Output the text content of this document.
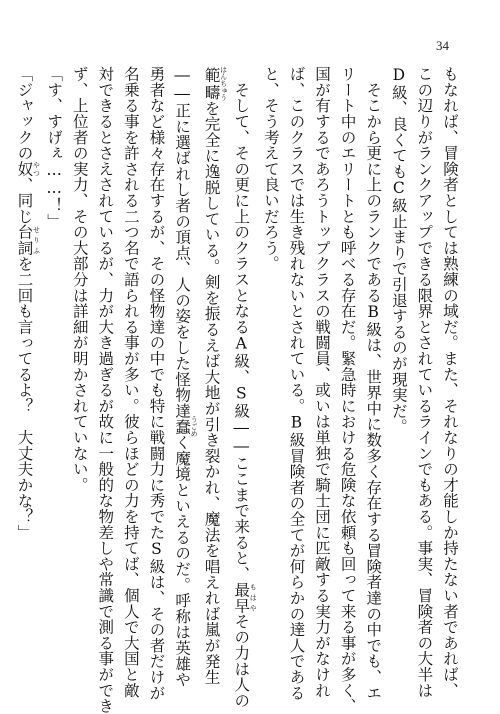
34
もなれば、冒険者としては熟練の域だ。また、それなりの才能しか持たない者であれば、
この辺りがランクアップできる限界とされているラインでもある。事実、冒険者の大半は
D級、良くてもC級止まりで引退するのが現実だ。
　そこから更に上のランクであるB級は、世界中に数多く存在する冒険者達の中でも、エ
リート中のエリートとも呼べる存在だ。緊急時における危険な依頼も回って来る事が多く、
国が有するであろうトップクラスの戦闘員、或いは単独で騎士団に匹敵する実力がなけれ
ば、このクラスでは生き残れないとされている。B級冒険者の全てが何らかの達人である
と、そう考えて良いだろう。
　そして、その更に上のクラスとなるA級、S級――ここまで来ると、最早 もはやその力は人の
範疇 はんちゅうを完全に逸脱している。剣を振るえば大地が引き裂かれ、魔法を唱えれば嵐が発生
――正に選ばれし者の頂点、人の姿をした怪物達蠢 うごめく魔境といえるのだ。呼称は英雄や
勇者など様々存在するが、その怪物達の中でも特に戦闘力に秀でたS級は、その者だけが
名乗る事を許される二つ名で語られる事が多い。彼らほどの力を持てば、個人で大国と敵
対できるとさえされているが、力が大き過ぎるが故に一般的な物差しや常識で測る事ができ
ず、上位者の実力、その大部分は詳細が明かされていない。
「す、すげぇ……！」
「ジャックの奴 やつ、同じ台詞 せりふを二回も言ってるよ？　大丈夫かな？」
